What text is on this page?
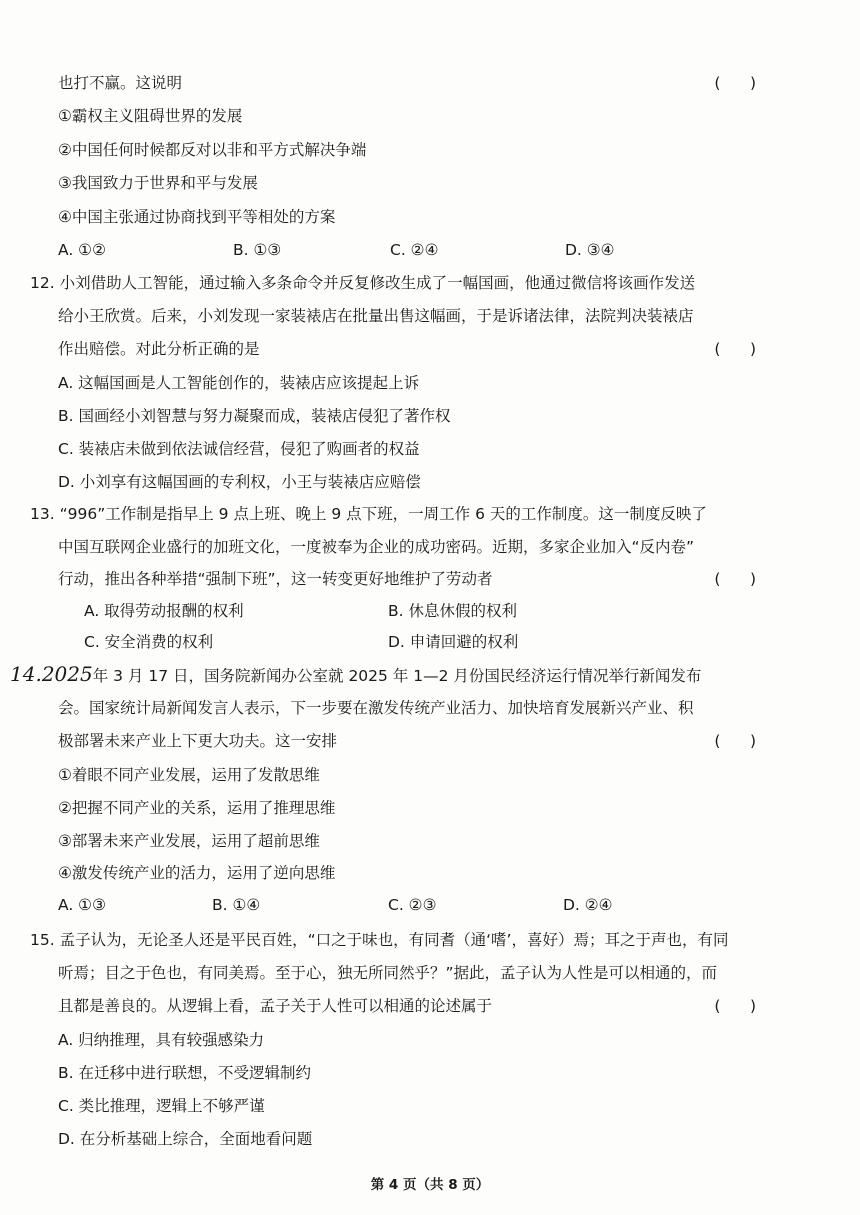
也打不赢。这说明	(      )
①霸权主义阻碍世界的发展
②中国任何时候都反对以非和平方式解决争端
③我国致力于世界和平与发展
④中国主张通过协商找到平等相处的方案
A. ①②	B. ①③	C. ②④	D. ③④
12. 小刘借助人工智能，通过输入多条命令并反复修改生成了一幅国画，他通过微信将该画作发送
给小王欣赏。后来，小刘发现一家装裱店在批量出售这幅画，于是诉诸法律，法院判决装裱店
作出赔偿。对此分析正确的是	(      )
A. 这幅国画是人工智能创作的，装裱店应该提起上诉
B. 国画经小刘智慧与努力凝聚而成，装裱店侵犯了著作权
C. 装裱店未做到依法诚信经营，侵犯了购画者的权益
D. 小刘享有这幅国画的专利权，小王与装裱店应赔偿
13. “996”工作制是指早上 9 点上班、晚上 9 点下班，一周工作 6 天的工作制度。这一制度反映了
中国互联网企业盛行的加班文化，一度被奉为企业的成功密码。近期，多家企业加入“反内卷”
行动，推出各种举措“强制下班”，这一转变更好地维护了劳动者	(      )
A. 取得劳动报酬的权利	B. 休息休假的权利
C. 安全消费的权利	D. 申请回避的权利
14.2025年 3 月 17 日，国务院新闻办公室就 2025 年 1—2 月份国民经济运行情况举行新闻发布
会。国家统计局新闻发言人表示，下一步要在激发传统产业活力、加快培育发展新兴产业、积
极部署未来产业上下更大功夫。这一安排	(      )
①着眼不同产业发展，运用了发散思维
②把握不同产业的关系，运用了推理思维
③部署未来产业发展，运用了超前思维
④激发传统产业的活力，运用了逆向思维
A. ①③	B. ①④	C. ②③	D. ②④
15. 孟子认为，无论圣人还是平民百姓，“口之于味也，有同耆（通‘嗜’，喜好）焉；耳之于声也，有同
听焉；目之于色也，有同美焉。至于心，独无所同然乎？”据此，孟子认为人性是可以相通的，而
且都是善良的。从逻辑上看，孟子关于人性可以相通的论述属于	(      )
A. 归纳推理，具有较强感染力
B. 在迁移中进行联想，不受逻辑制约
C. 类比推理，逻辑上不够严谨
D. 在分析基础上综合，全面地看问题
第 4 页（共 8 页）
